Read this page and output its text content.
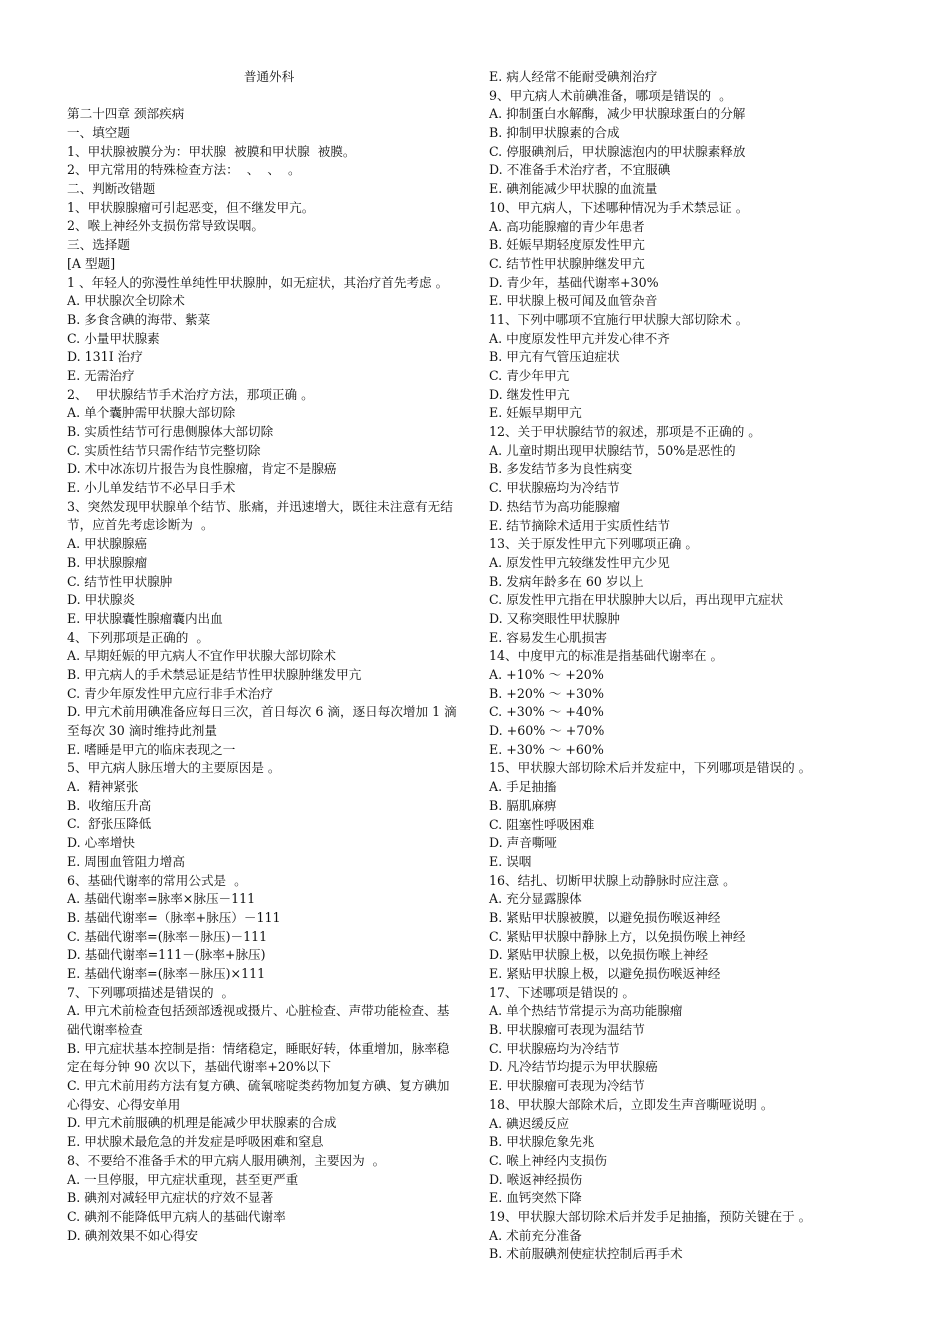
普通外科
第二十四章 颈部疾病
一、填空题
1、甲状腺被膜分为：甲状腺  被膜和甲状腺  被膜。
2、甲亢常用的特殊检查方法：  、  、  。
二、判断改错题
1、甲状腺腺瘤可引起恶变，但不继发甲亢。
2、喉上神经外支损伤常导致误咽。
三、选择题
[A 型题]
1 、年轻人的弥漫性单纯性甲状腺肿，如无症状，其治疗首先考虑 。
A. 甲状腺次全切除术
B. 多食含碘的海带、紫菜
C. 小量甲状腺素
D. 131I 治疗
E. 无需治疗
2、  甲状腺结节手术治疗方法，那项正确 。
A. 单个囊肿需甲状腺大部切除
B. 实质性结节可行患侧腺体大部切除
C. 实质性结节只需作结节完整切除
D. 术中冰冻切片报告为良性腺瘤，肯定不是腺癌
E. 小儿单发结节不必早日手术
3、突然发现甲状腺单个结节、胀痛，并迅速增大，既往未注意有无结节，应首先考虑诊断为  。
A. 甲状腺腺癌
B. 甲状腺腺瘤
C. 结节性甲状腺肿
D. 甲状腺炎
E. 甲状腺囊性腺瘤囊内出血
4、下列那项是正确的  。
A. 早期妊娠的甲亢病人不宜作甲状腺大部切除术
B. 甲亢病人的手术禁忌证是结节性甲状腺肿继发甲亢
C. 青少年原发性甲亢应行非手术治疗
D. 甲亢术前用碘准备应每日三次，首日每次 6 滴，逐日每次增加 1 滴至每次 30 滴时维持此剂量
E. 嗜睡是甲亢的临床表现之一
5、甲亢病人脉压增大的主要原因是 。
A.  精神紧张
B.  收缩压升高
C.  舒张压降低
D. 心率增快
E. 周围血管阻力增高
6、基础代谢率的常用公式是  。
A. 基础代谢率=脉率×脉压－111
B. 基础代谢率=（脉率+脉压）－111
C. 基础代谢率=(脉率－脉压)－111
D. 基础代谢率=111－(脉率+脉压)
E. 基础代谢率=(脉率－脉压)×111
7、下列哪项描述是错误的  。
A. 甲亢术前检查包括颈部透视或摄片、心脏检查、声带功能检查、基础代谢率检查
B. 甲亢症状基本控制是指：情绪稳定，睡眠好转，体重增加，脉率稳定在每分钟 90 次以下，基础代谢率+20%以下
C. 甲亢术前用药方法有复方碘、硫氧嘧啶类药物加复方碘、复方碘加心得安、心得安单用
D. 甲亢术前服碘的机理是能减少甲状腺素的合成
E. 甲状腺术最危急的并发症是呼吸困难和窒息
8、不要给不准备手术的甲亢病人服用碘剂，主要因为  。
A. 一旦停服，甲亢症状重现，甚至更严重
B. 碘剂对减轻甲亢症状的疗效不显著
C. 碘剂不能降低甲亢病人的基础代谢率
D. 碘剂效果不如心得安
E. 病人经常不能耐受碘剂治疗
9、甲亢病人术前碘准备，哪项是错误的  。
A. 抑制蛋白水解酶，减少甲状腺球蛋白的分解
B. 抑制甲状腺素的合成
C. 停服碘剂后，甲状腺滤泡内的甲状腺素释放
D. 不准备手术治疗者，不宜服碘
E. 碘剂能减少甲状腺的血流量
10、甲亢病人，下述哪种情况为手术禁忌证 。
A. 高功能腺瘤的青少年患者
B. 妊娠早期轻度原发性甲亢
C. 结节性甲状腺肿继发甲亢
D. 青少年，基础代谢率+30%
E. 甲状腺上极可闻及血管杂音
11、下列中哪项不宜施行甲状腺大部切除术 。
A. 中度原发性甲亢并发心律不齐
B. 甲亢有气管压迫症状
C. 青少年甲亢
D. 继发性甲亢
E. 妊娠早期甲亢
12、关于甲状腺结节的叙述，那项是不正确的 。
A. 儿童时期出现甲状腺结节，50%是恶性的
B. 多发结节多为良性病变
C. 甲状腺癌均为冷结节
D. 热结节为高功能腺瘤
E. 结节摘除术适用于实质性结节
13、关于原发性甲亢下列哪项正确 。
A. 原发性甲亢较继发性甲亢少见
B. 发病年龄多在 60 岁以上
C. 原发性甲亢指在甲状腺肿大以后，再出现甲亢症状
D. 又称突眼性甲状腺肿
E. 容易发生心肌损害
14、中度甲亢的标准是指基础代谢率在 。
A. +10% ～ +20%
B. +20% ～ +30%
C. +30% ～ +40%
D. +60% ～ +70%
E. +30% ～ +60%
15、甲状腺大部切除术后并发症中，下列哪项是错误的 。
A. 手足抽搐
B. 膈肌麻痹
C. 阻塞性呼吸困难
D. 声音嘶哑
E. 误咽
16、结扎、切断甲状腺上动静脉时应注意 。
A. 充分显露腺体
B. 紧贴甲状腺被膜，以避免损伤喉返神经
C. 紧贴甲状腺中静脉上方，以免损伤喉上神经
D. 紧贴甲状腺上极，以免损伤喉上神经
E. 紧贴甲状腺上极，以避免损伤喉返神经
17、下述哪项是错误的 。
A. 单个热结节常提示为高功能腺瘤
B. 甲状腺瘤可表现为温结节
C. 甲状腺癌均为冷结节
D. 凡冷结节均提示为甲状腺癌
E. 甲状腺瘤可表现为冷结节
18、甲状腺大部除术后，立即发生声音嘶哑说明 。
A. 碘迟缓反应
B. 甲状腺危象先兆
C. 喉上神经内支损伤
D. 喉返神经损伤
E. 血钙突然下降
19、甲状腺大部切除术后并发手足抽搐，预防关键在于 。
A. 术前充分准备
B. 术前服碘剂使症状控制后再手术
